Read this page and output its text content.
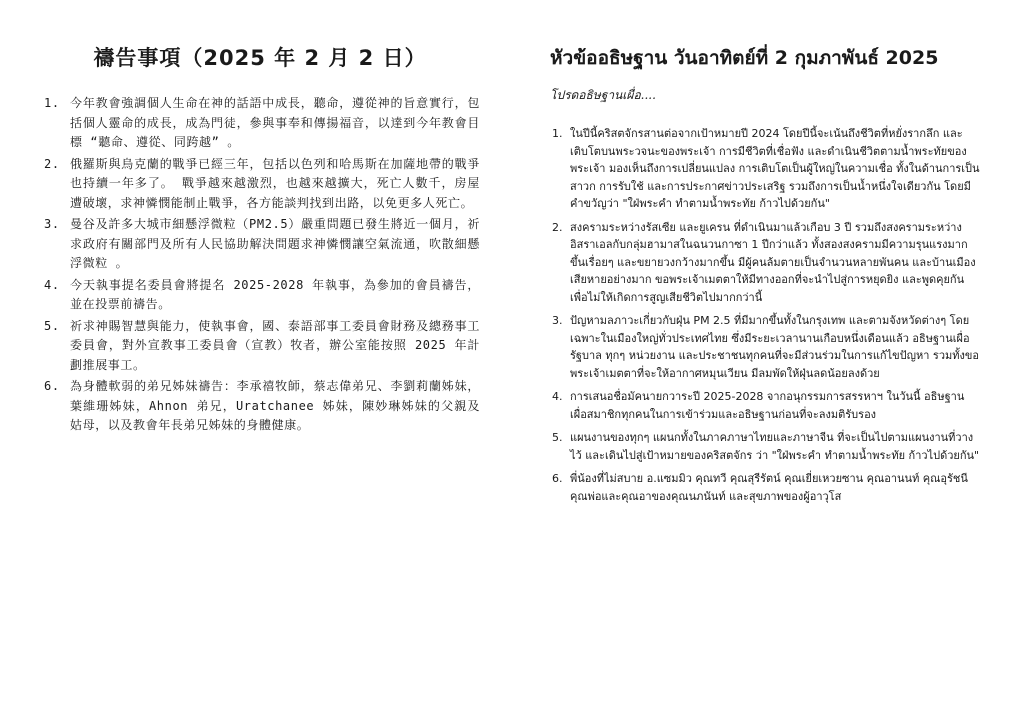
禱告事項（2025 年 2 月 2 日）
1. 今年教會強調個人生命在神的話語中成長，聽命，遵從神的旨意實行，包括個人靈命的成長，成為門徒，參與事奉和傳揚福音，以達到今年教會目標 “聽命、遵從、同跨越” 。
2. 俄羅斯與烏克蘭的戰爭已經三年，包括以色列和哈馬斯在加薩地帶的戰爭也持續一年多了。 戰爭越來越激烈，也越來越擴大，死亡人數千，房屋遭破壞，求神憐憫能制止戰爭，各方能談判找到出路，以免更多人死亡。
3. 曼谷及許多大城市細懸浮微粒（PM2.5）嚴重問題已發生將近一個月，祈求政府有關部門及所有人民協助解決問題求神憐憫讓空氣流通，吹散細懸浮微粒 。
4. 今天執事提名委員會將提名 2025-2028 年執事，為參加的會員禱告，並在投票前禱告。
5. 祈求神賜智慧與能力，使執事會，國、泰語部事工委員會財務及總務事工委員會，對外宣教事工委員會（宣教）牧者，辦公室能按照 2025 年計劃推展事工。
6. 為身體軟弱的弟兄姊妹禱告：李承禧牧師，蔡志偉弟兄、李劉莉蘭姊妹，葉維珊姊妹，Ahnon 弟兄，Uratchanee 姊妹，陳妙琳姊妹的父親及姑母，以及教會年長弟兄姊妹的身體健康。
หัวข้ออธิษฐาน วันอาทิตย์ที่ 2 กุมภาพันธ์ 2025

โปรดอธิษฐานเผื่อ....

1. ในปีนี้คริสตจักรสานต่อจากเป้าหมายปี 2024 โดยปีนี้จะเน้นถึงชีวิตที่หยั่งรากลึก และเติบโตบนพระวจนะของพระเจ้า การมีชีวิตที่เชื่อฟัง และดำเนินชีวิตตามน้ำพระทัยของพระเจ้า มองเห็นถึงการเปลี่ยนแปลง การเติบโตเป็นผู้ใหญ่ในความเชื่อ ทั้งในด้านการเป็นสาวก การรับใช้ และการประกาศข่าวประเสริฐ รวมถึงการเป็นน้ำหนึ่งใจเดียวกัน โดยมีคำขวัญว่า "ใฝ่พระคำ ทำตามน้ำพระทัย ก้าวไปด้วยกัน"
2. สงครามระหว่างรัสเซีย และยูเครน ที่ดำเนินมาแล้วเกือบ 3 ปี รวมถึงสงครามระหว่างอิสราเอลกับกลุ่มฮามาสในฉนวนกาซา 1 ปีกว่าแล้ว ทั้งสองสงครามมีความรุนแรงมากขึ้นเรื่อยๆ และขยายวงกว้างมากขึ้น มีผู้คนล้มตายเป็นจำนวนหลายพันคน และบ้านเมืองเสียหายอย่างมาก ขอพระเจ้าเมตตาให้มีทางออกที่จะนำไปสู่การหยุดยิง และพูดคุยกัน เพื่อไม่ให้เกิดการสูญเสียชีวิตไปมากกว่านี้
3. ปัญหามลภาวะเกี่ยวกับฝุ่น PM 2.5 ที่มีมากขึ้นทั้งในกรุงเทพ และตามจังหวัดต่างๆ โดยเฉพาะในเมืองใหญ่ทั่วประเทศไทย ซึ่งมีระยะเวลานานเกือบหนึ่งเดือนแล้ว อธิษฐานเผื่อรัฐบาล ทุกๆ หน่วยงาน และประชาชนทุกคนที่จะมีส่วนร่วมในการแก้ไขปัญหา รวมทั้งขอพระเจ้าเมตตาที่จะให้อากาศหมุนเวียน มีลมพัดให้ฝุ่นลดน้อยลงด้วย
4. การเสนอชื่อมัคนายกวาระปี 2025-2028 จากอนุกรรมการสรรหาฯ ในวันนี้ อธิษฐานเผื่อสมาชิกทุกคนในการเข้าร่วมและอธิษฐานก่อนที่จะลงมติรับรอง
5. แผนงานของทุกๆ แผนกทั้งในภาคภาษาไทยและภาษาจีน ที่จะเป็นไปตามแผนงานที่วางไว้ และเดินไปสู่เป้าหมายของคริสตจักร ว่า "ใฝ่พระคำ ทำตามน้ำพระทัย ก้าวไปด้วยกัน"
6. พี่น้องที่ไม่สบาย อ.แซมมิว คุณทวี คุณสุรีรัตน์ คุณเยี่ยเหวยซาน คุณอานนท์ คุณอุรัชนี คุณพ่อและคุณอาของคุณนภนันท์ และสุขภาพของผู้อาวุโส
